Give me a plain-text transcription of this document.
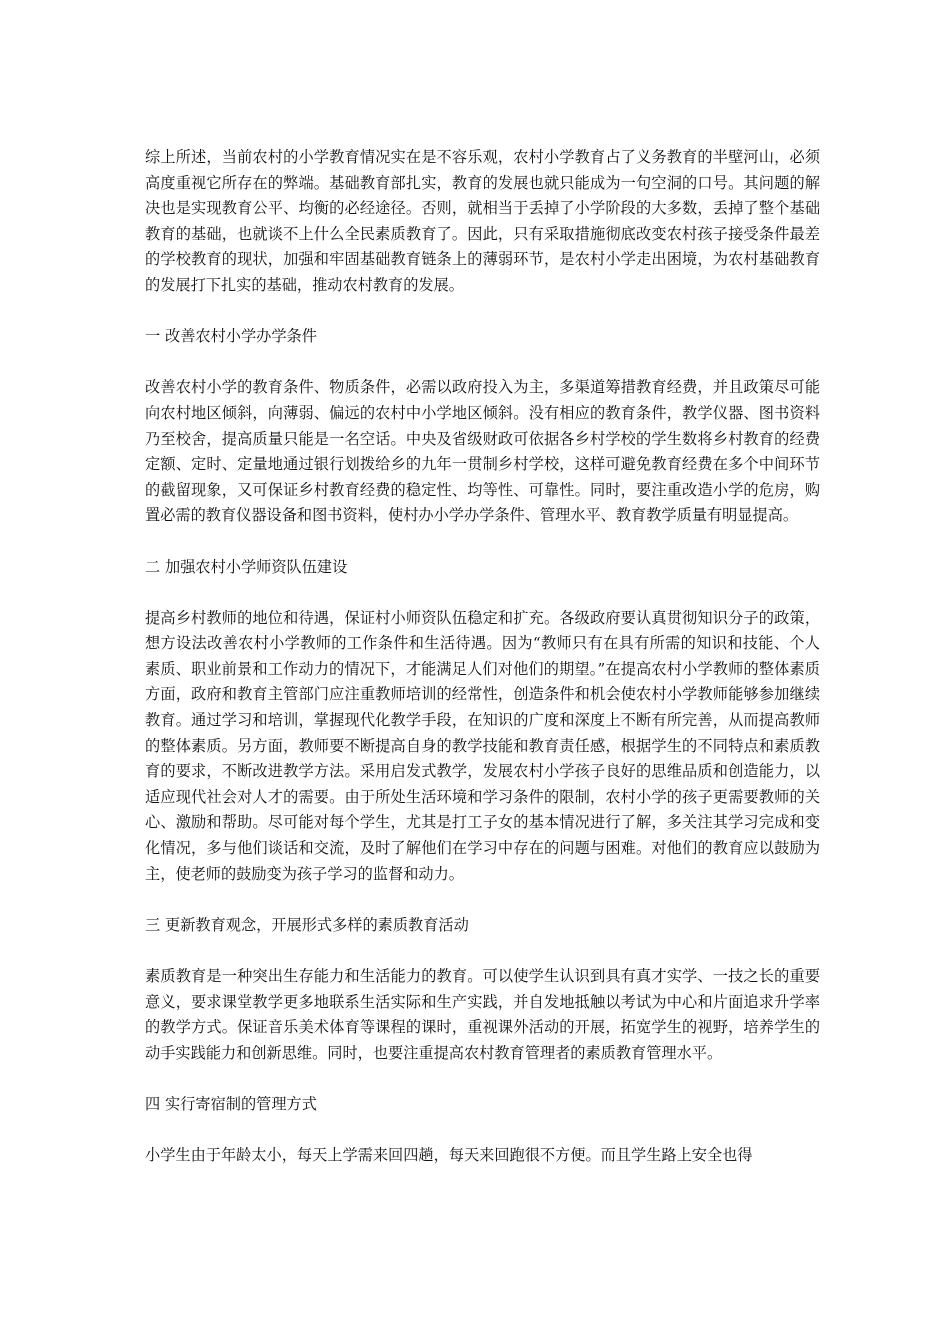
综上所述，当前农村的小学教育情况实在是不容乐观，农村小学教育占了义务教育的半壁河山，必须高度重视它所存在的弊端。基础教育部扎实，教育的发展也就只能成为一句空洞的口号。其问题的解决也是实现教育公平、均衡的必经途径。否则，就相当于丢掉了小学阶段的大多数，丢掉了整个基础教育的基础，也就谈不上什么全民素质教育了。因此，只有采取措施彻底改变农村孩子接受条件最差的学校教育的现状，加强和牢固基础教育链条上的薄弱环节，是农村小学走出困境，为农村基础教育的发展打下扎实的基础，推动农村教育的发展。

一 改善农村小学办学条件

改善农村小学的教育条件、物质条件，必需以政府投入为主，多渠道筹措教育经费，并且政策尽可能向农村地区倾斜，向薄弱、偏远的农村中小学地区倾斜。没有相应的教育条件，教学仪器、图书资料乃至校舍，提高质量只能是一名空话。中央及省级财政可依据各乡村学校的学生数将乡村教育的经费定额、定时、定量地通过银行划拨给乡的九年一贯制乡村学校，这样可避免教育经费在多个中间环节的截留现象，又可保证乡村教育经费的稳定性、均等性、可靠性。同时，要注重改造小学的危房，购置必需的教育仪器设备和图书资料，使村办小学办学条件、管理水平、教育教学质量有明显提高。

二 加强农村小学师资队伍建设

提高乡村教师的地位和待遇，保证村小师资队伍稳定和扩充。各级政府要认真贯彻知识分子的政策，想方设法改善农村小学教师的工作条件和生活待遇。因为“教师只有在具有所需的知识和技能、个人素质、职业前景和工作动力的情况下，才能满足人们对他们的期望。”在提高农村小学教师的整体素质方面，政府和教育主管部门应注重教师培训的经常性，创造条件和机会使农村小学教师能够参加继续教育。通过学习和培训，掌握现代化教学手段，在知识的广度和深度上不断有所完善，从而提高教师的整体素质。另方面，教师要不断提高自身的教学技能和教育责任感，根据学生的不同特点和素质教育的要求，不断改进教学方法。采用启发式教学，发展农村小学孩子良好的思维品质和创造能力，以适应现代社会对人才的需要。由于所处生活环境和学习条件的限制，农村小学的孩子更需要教师的关心、激励和帮助。尽可能对每个学生，尤其是打工子女的基本情况进行了解，多关注其学习完成和变化情况，多与他们谈话和交流，及时了解他们在学习中存在的问题与困难。对他们的教育应以鼓励为主，使老师的鼓励变为孩子学习的监督和动力。

三 更新教育观念，开展形式多样的素质教育活动

素质教育是一种突出生存能力和生活能力的教育。可以使学生认识到具有真才实学、一技之长的重要意义，要求课堂教学更多地联系生活实际和生产实践，并自发地抵触以考试为中心和片面追求升学率的教学方式。保证音乐美术体育等课程的课时，重视课外活动的开展，拓宽学生的视野，培养学生的动手实践能力和创新思维。同时，也要注重提高农村教育管理者的素质教育管理水平。

四 实行寄宿制的管理方式

小学生由于年龄太小，每天上学需来回四趟，每天来回跑很不方便。而且学生路上安全也得
